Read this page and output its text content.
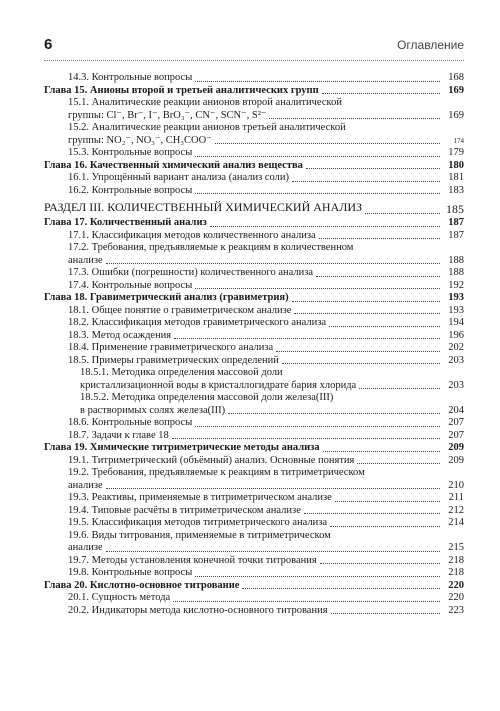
6	Оглавление
14.3. Контрольные вопросы	168
Глава 15. Анионы второй и третьей аналитических групп	169
15.1. Аналитические реакции анионов второй аналитической
группы: Cl⁻, Br⁻, I⁻, BrO₃⁻, CN⁻, SCN⁻, S²⁻	169
15.2. Аналитические реакции анионов третьей аналитической
группы: NO₂⁻, NO₃⁻, CH₃COO⁻	174
15.3. Контрольные вопросы	179
Глава 16. Качественный химический анализ вещества	180
16.1. Упрощённый вариант анализа (анализ соли)	181
16.2. Контрольные вопросы	183
РАЗДЕЛ III. КОЛИЧЕСТВЕННЫЙ ХИМИЧЕСКИЙ АНАЛИЗ	185
Глава 17. Количественный анализ	187
17.1. Классификация методов количественного анализа	187
17.2. Требования, предъявляемые к реакциям в количественном
анализе	188
17.3. Ошибки (погрешности) количественного анализа	188
17.4. Контрольные вопросы	192
Глава 18. Гравиметрический анализ (гравиметрия)	193
18.1. Общее понятие о гравиметрическом анализе	193
18.2. Классификация методов гравиметрического анализа	194
18.3. Метод осаждения	196
18.4. Применение гравиметрического анализа	202
18.5. Примеры гравиметрических определений	203
18.5.1. Методика определения массовой доли
кристаллизационной воды в кристаллогидрате бария хлорида	203
18.5.2. Методика определения массовой доли железа(III)
в растворимых солях железа(III)	204
18.6. Контрольные вопросы	207
18.7. Задачи к главе 18	207
Глава 19. Химические титриметрические методы анализа	209
19.1. Титриметрический (объёмный) анализ. Основные понятия	209
19.2. Требования, предъявляемые к реакциям в титриметрическом
анализе	210
19.3. Реактивы, применяемые в титриметрическом анализе	211
19.4. Типовые расчёты в титриметрическом анализе	212
19.5. Классификация методов титриметрического анализа	214
19.6. Виды титрования, применяемые в титриметрическом
анализе	215
19.7. Методы установления конечной точки титрования	218
19.8. Контрольные вопросы	218
Глава 20. Кислотно-основное титрование	220
20.1. Сущность метода	220
20.2. Индикаторы метода кислотно-основного титрования	223
